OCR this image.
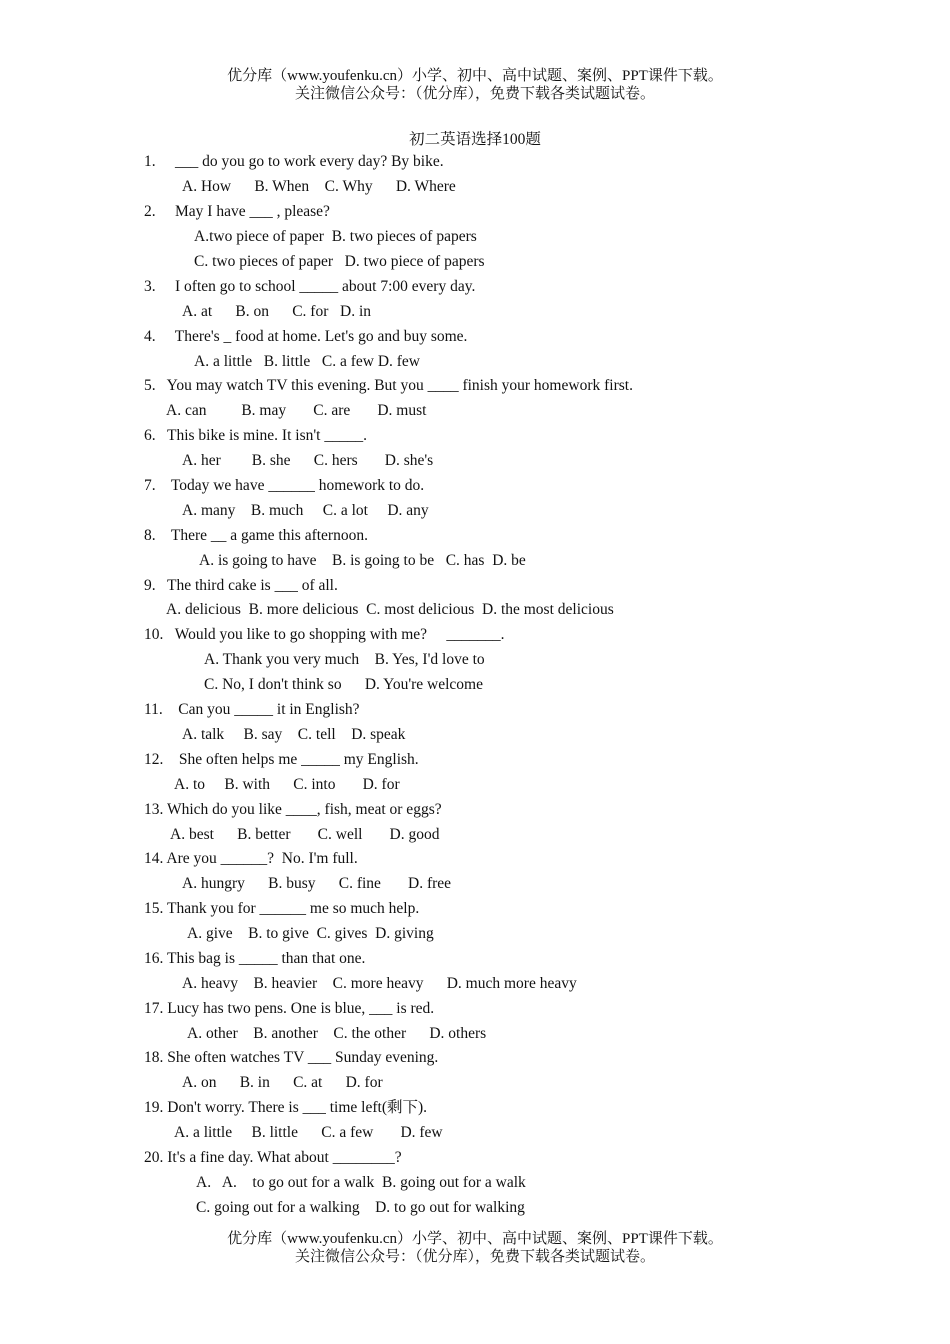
优分库（www.youfenku.cn）小学、初中、高中试题、案例、PPT课件下载。
关注微信公众号：（优分库），免费下载各类试题试卷。
初二英语选择100题
1.     ___ do you go to work every day? By bike.
A. How      B. When    C. Why      D. Where
2.     May I have ___ , please?
A.two piece of paper  B. two pieces of papers
C. two pieces of paper   D. two piece of papers
3.     I often go to school _____ about 7:00 every day.
A. at      B. on      C. for   D. in
4.     There's _ food at home. Let's go and buy some.
A. a little   B. little   C. a few D. few
5.   You may watch TV this evening. But you ____ finish your homework first.
A. can         B. may       C. are       D. must
6.   This bike is mine. It isn't _____.
A. her        B. she      C. hers       D. she's
7.    Today we have ______ homework to do.
A. many    B. much     C. a lot     D. any
8.    There __ a game this afternoon.
A. is going to have    B. is going to be   C. has  D. be
9.   The third cake is ___ of all.
A. delicious  B. more delicious  C. most delicious  D. the most delicious
10.   Would you like to go shopping with me?     _______.
A. Thank you very much    B. Yes, I'd love to
C. No, I don't think so      D. You're welcome
11.    Can you _____ it in English?
A. talk     B. say    C. tell    D. speak
12.    She often helps me _____ my English.
A. to     B. with      C. into       D. for
13. Which do you like ____, fish, meat or eggs?
A. best      B. better       C. well       D. good
14. Are you ______?  No. I'm full.
A. hungry      B. busy      C. fine       D. free
15. Thank you for ______ me so much help.
A. give    B. to give  C. gives  D. giving
16. This bag is _____ than that one.
A. heavy    B. heavier    C. more heavy      D. much more heavy
17. Lucy has two pens. One is blue, ___ is red.
A. other    B. another    C. the other      D. others
18. She often watches TV ___ Sunday evening.
A. on      B. in      C. at      D. for
19. Don't worry. There is ___ time left(剩下).
A. a little     B. little      C. a few       D. few
20. It's a fine day. What about ________?
A.   A.    to go out for a walk  B. going out for a walk
C. going out for a walking    D. to go out for walking
优分库（www.youfenku.cn）小学、初中、高中试题、案例、PPT课件下载。
关注微信公众号：（优分库），免费下载各类试题试卷。
